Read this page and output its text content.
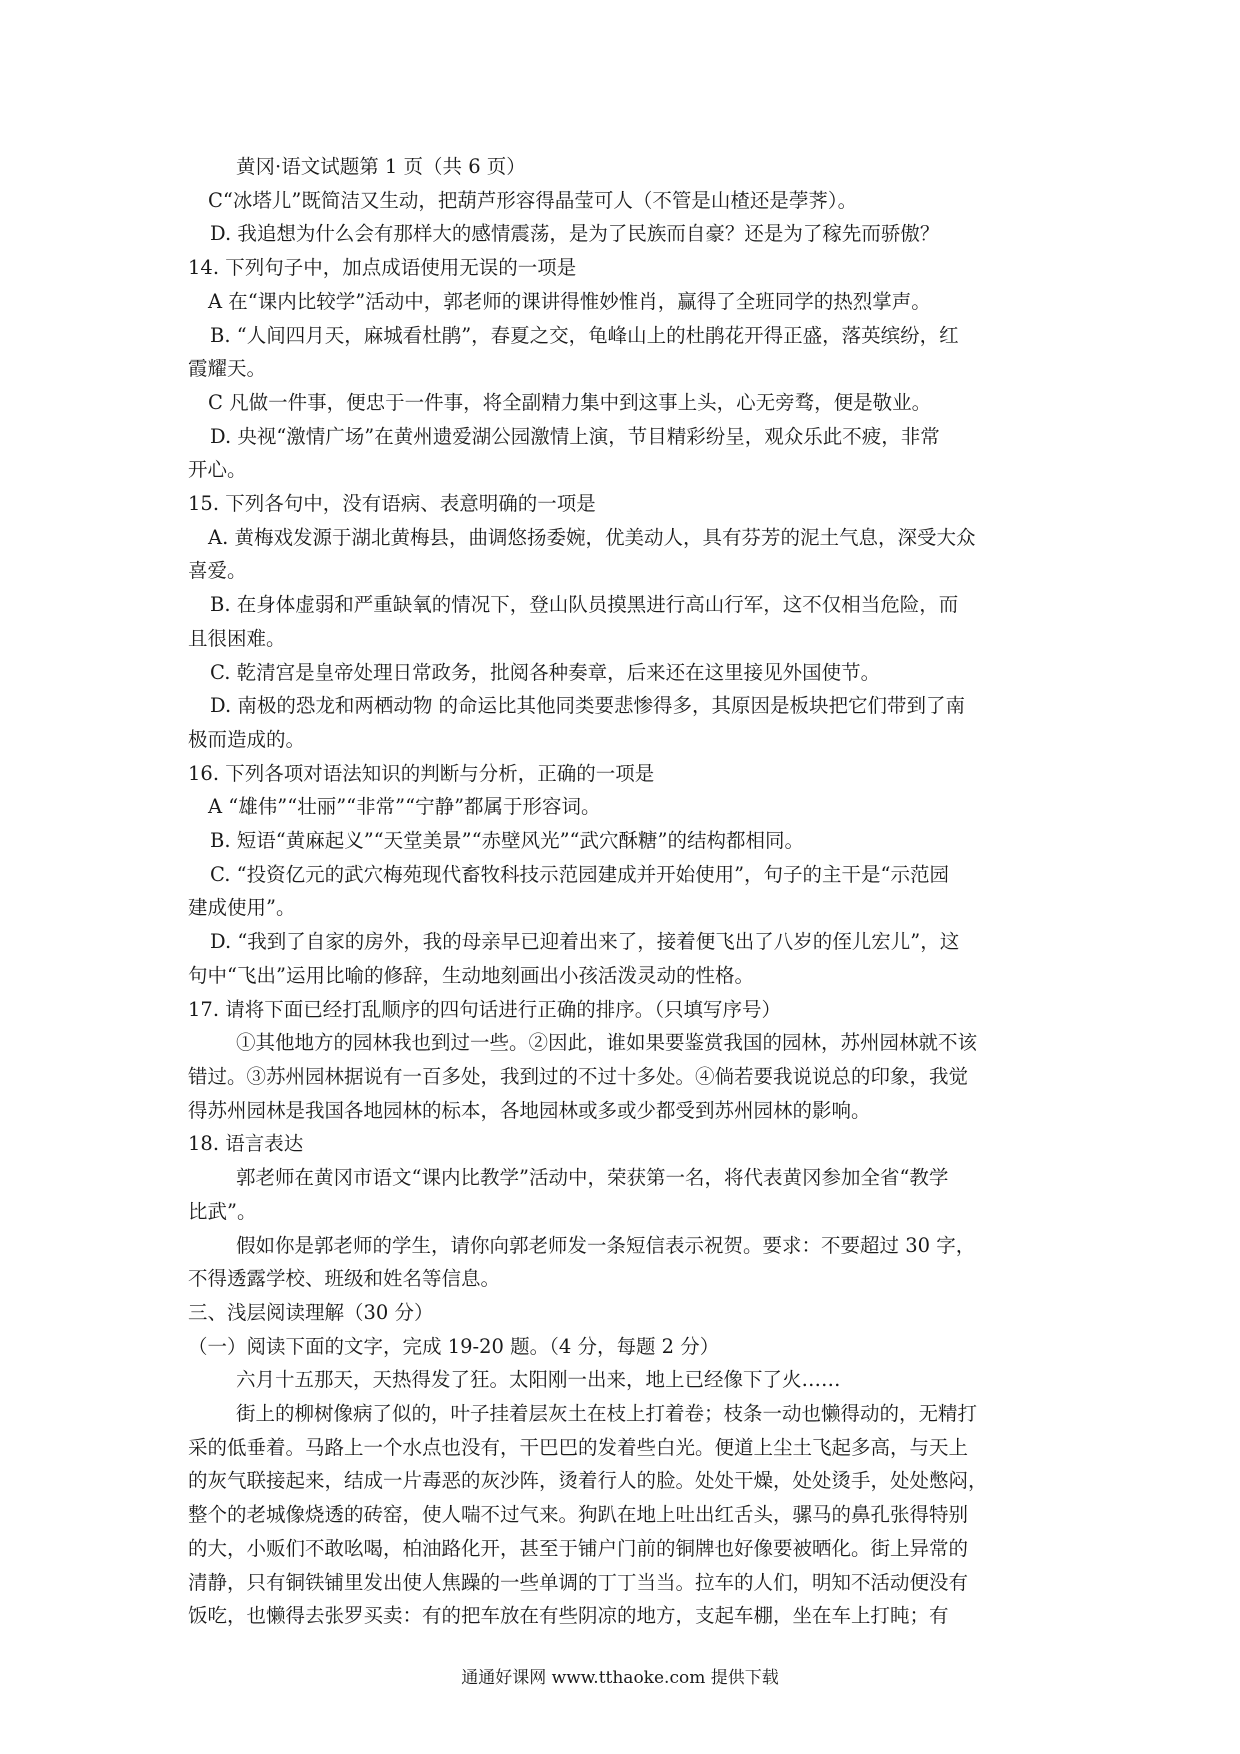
黄冈·语文试题第 1 页（共 6 页）
C“冰塔儿”既简洁又生动，把葫芦形容得晶莹可人（不管是山楂还是荸荠）。
D. 我追想为什么会有那样大的感情震荡，是为了民族而自豪？还是为了稼先而骄傲？
14. 下列句子中，加点成语使用无误的一项是
A 在“课内比较学”活动中，郭老师的课讲得惟妙惟肖，赢得了全班同学的热烈掌声。
B. “人间四月天，麻城看杜鹃”，春夏之交，龟峰山上的杜鹃花开得正盛，落英缤纷，红
霞耀天。
C 凡做一件事，便忠于一件事，将全副精力集中到这事上头，心无旁骛，便是敬业。
D. 央视“激情广场”在黄州遗爱湖公园激情上演，节目精彩纷呈，观众乐此不疲，非常
开心。
15. 下列各句中，没有语病、表意明确的一项是
A. 黄梅戏发源于湖北黄梅县，曲调悠扬委婉，优美动人，具有芬芳的泥土气息，深受大众
喜爱。
B. 在身体虚弱和严重缺氧的情况下，登山队员摸黑进行高山行军，这不仅相当危险，而
且很困难。
C. 乾清宫是皇帝处理日常政务，批阅各种奏章，后来还在这里接见外国使节。
D. 南极的恐龙和两栖动物 的命运比其他同类要悲惨得多，其原因是板块把它们带到了南
极而造成的。
16. 下列各项对语法知识的判断与分析，正确的一项是
A “雄伟”“壮丽”“非常”“宁静”都属于形容词。
B. 短语“黄麻起义”“天堂美景”“赤壁风光”“武穴酥糖”的结构都相同。
C. “投资亿元的武穴梅苑现代畜牧科技示范园建成并开始使用”，句子的主干是“示范园
建成使用”。
D. “我到了自家的房外，我的母亲早已迎着出来了，接着便飞出了八岁的侄儿宏儿”，这
句中“飞出”运用比喻的修辞，生动地刻画出小孩活泼灵动的性格。
17. 请将下面已经打乱顺序的四句话进行正确的排序。（只填写序号）
①其他地方的园林我也到过一些。②因此，谁如果要鉴赏我国的园林，苏州园林就不该
错过。③苏州园林据说有一百多处，我到过的不过十多处。④倘若要我说说总的印象，我觉
得苏州园林是我国各地园林的标本，各地园林或多或少都受到苏州园林的影响。
18. 语言表达
郭老师在黄冈市语文“课内比教学”活动中，荣获第一名，将代表黄冈参加全省“教学
比武”。
假如你是郭老师的学生，请你向郭老师发一条短信表示祝贺。要求：不要超过 30 字，
不得透露学校、班级和姓名等信息。
三、浅层阅读理解（30 分）
（一）阅读下面的文字，完成 19-20 题。（4 分，每题 2 分）
六月十五那天，天热得发了狂。太阳刚一出来，地上已经像下了火……
街上的柳树像病了似的，叶子挂着层灰土在枝上打着卷；枝条一动也懒得动的，无精打
采的低垂着。马路上一个水点也没有，干巴巴的发着些白光。便道上尘土飞起多高，与天上
的灰气联接起来，结成一片毒恶的灰沙阵，烫着行人的脸。处处干燥，处处烫手，处处憋闷，
整个的老城像烧透的砖窑，使人喘不过气来。狗趴在地上吐出红舌头，骡马的鼻孔张得特别
的大，小贩们不敢吆喝，柏油路化开，甚至于铺户门前的铜牌也好像要被晒化。街上异常的
清静，只有铜铁铺里发出使人焦躁的一些单调的丁丁当当。拉车的人们，明知不活动便没有
饭吃，也懒得去张罗买卖：有的把车放在有些阴凉的地方，支起车棚，坐在车上打盹；有
通通好课网 www.tthaoke.com 提供下载
